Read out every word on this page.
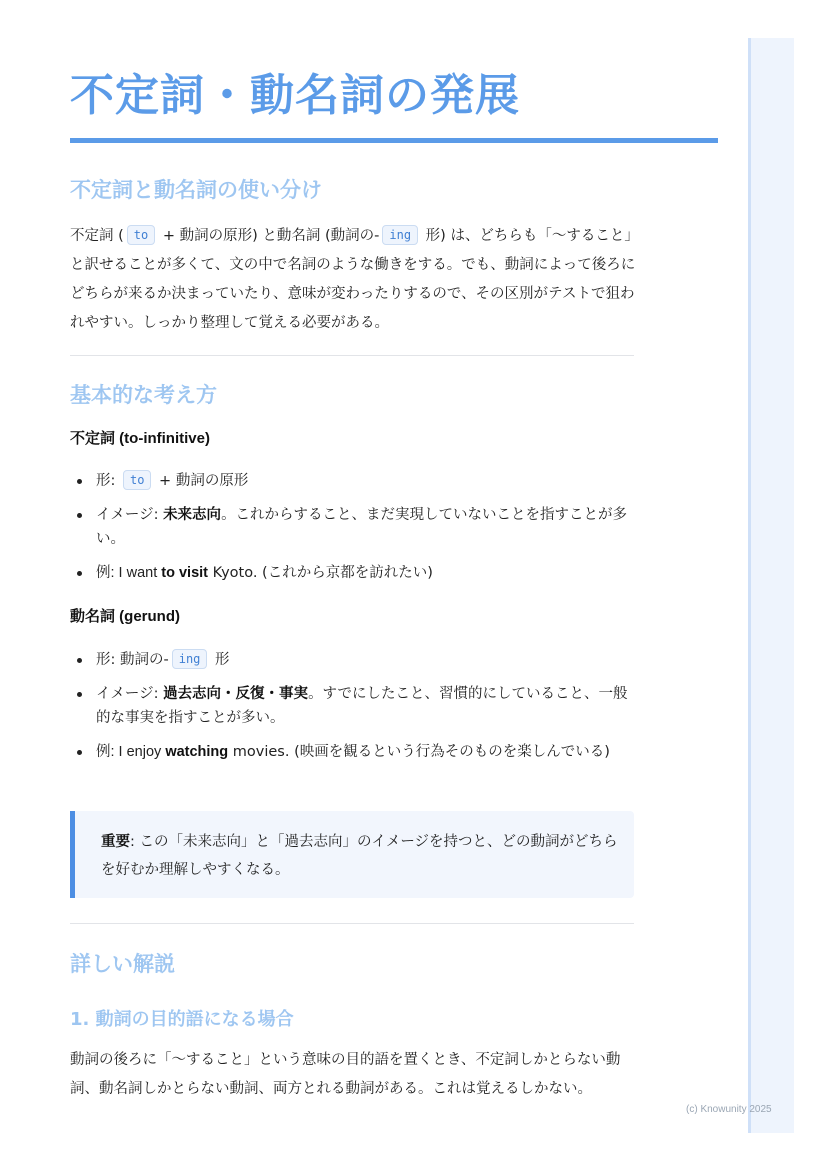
(c) Knowunity 2025
不定詞・動名詞の発展
不定詞と動名詞の使い分け

不定詞 ( to + 動詞の原形) と動名詞 (動詞の- ing 形) は、どちらも「〜すること」と訳せることが多くて、文の中で名詞のような働きをする。でも、動詞によって後ろにどちらが来るか決まっていたり、意味が変わったりするので、その区別がテストで狙われやすい。しっかり整理して覚える必要がある。

基本的な考え方
不定詞 (to-infinitive)
形: to + 動詞の原形
イメージ: 未来志向。これからすること、まだ実現していないことを指すことが多い。
例: I want to visit Kyoto. (これから京都を訪れたい)
動名詞 (gerund)
形: 動詞の- ing 形
イメージ: 過去志向・反復・事実。すでにしたこと、習慣的にしていること、一般的な事実を指すことが多い。
例: I enjoy watching movies. (映画を観るという行為そのものを楽しんでいる)

重要: この「未来志向」と「過去志向」のイメージを持つと、どの動詞がどちらを好むか理解しやすくなる。

詳しい解説
1. 動詞の目的語になる場合

動詞の後ろに「〜すること」という意味の目的語を置くとき、不定詞しかとらない動詞、動名詞しかとらない動詞、両方とれる動詞がある。これは覚えるしかない。
